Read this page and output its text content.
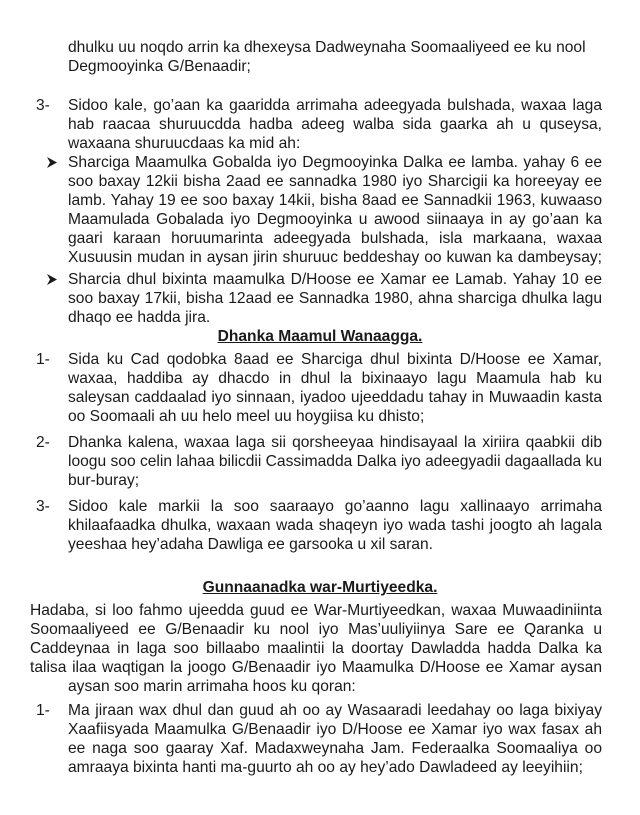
dhulku uu noqdo arrin ka dhexeysa Dadweynaha Soomaaliyeed ee ku nool
Degmooyinka G/Benaadir;
3- Sidoo kale, go’aan ka gaaridda arrimaha adeegyada bulshada, waxaa laga
hab raacaa shuruucdda hadba adeeg walba sida gaarka ah u quseysa,
waxaana shuruucdaas ka mid ah:
Sharciga Maamulka Gobalda iyo Degmooyinka Dalka ee lamba. yahay 6 ee
soo baxay 12kii bisha 2aad ee sannadka 1980 iyo Sharcigii ka horeeyay ee
lamb. Yahay 19 ee soo baxay 14kii, bisha 8aad ee Sannadkii 1963, kuwaaso
Maamulada Gobalada iyo Degmooyinka u awood siinaaya in ay go’aan ka
gaari karaan horuumarinta adeegyada bulshada, isla markaana, waxaa
Xusuusin mudan in aysan jirin shuruuc beddeshay oo kuwan ka dambeysay;
Sharcia dhul bixinta maamulka D/Hoose ee Xamar ee Lamab. Yahay 10 ee
soo baxay 17kii, bisha 12aad ee Sannadka 1980, ahna sharciga dhulka lagu
dhaqo ee hadda jira.
Dhanka Maamul Wanaagga.
1- Sida ku Cad qodobka 8aad ee Sharciga dhul bixinta D/Hoose ee Xamar,
waxaa, haddiba ay dhacdo in dhul la bixinaayo lagu Maamula hab ku
saleysan caddaalad iyo sinnaan, iyadoo ujeeddadu tahay in Muwaadin kasta
oo Soomaali ah uu helo meel uu hoygiisa ku dhisto;
2- Dhanka kalena, waxaa laga sii qorsheeyaa hindisayaal la xiriira qaabkii dib
loogu soo celin lahaa bilicdii Cassimadda Dalka iyo adeegyadii dagaallada ku
bur-buray;
3- Sidoo kale markii la soo saaraayo go’aanno lagu xallinaayo arrimaha
khilaafaadka dhulka, waxaan wada shaqeyn iyo wada tashi joogto ah lagala
yeeshaa hey’adaha Dawliga ee garsooka u xil saran.
Gunnaanadka war-Murtiyeedka.
Hadaba, si loo fahmo ujeedda guud ee War-Murtiyeedkan, waxaa Muwaadiniinta
Soomaaliyeed ee G/Benaadir ku nool iyo Mas’uuliyiinya Sare ee Qaranka u
Caddeynaa in laga soo billaabo maalintii la doortay Dawladda hadda Dalka ka
talisa ilaa waqtigan la joogo G/Benaadir iyo Maamulka D/Hoose ee Xamar aysan
aysan soo marin arrimaha hoos ku qoran:
1- Ma jiraan wax dhul dan guud ah oo ay Wasaaradi leedahay oo laga bixiyay
Xaafiisyada Maamulka G/Benaadir iyo D/Hoose ee Xamar iyo wax fasax ah
ee naga soo gaaray Xaf. Madaxweynaha Jam. Federaalka Soomaaliya oo
amraaya bixinta hanti ma-guurto ah oo ay hey’ado Dawladeed ay leeyihiin;
